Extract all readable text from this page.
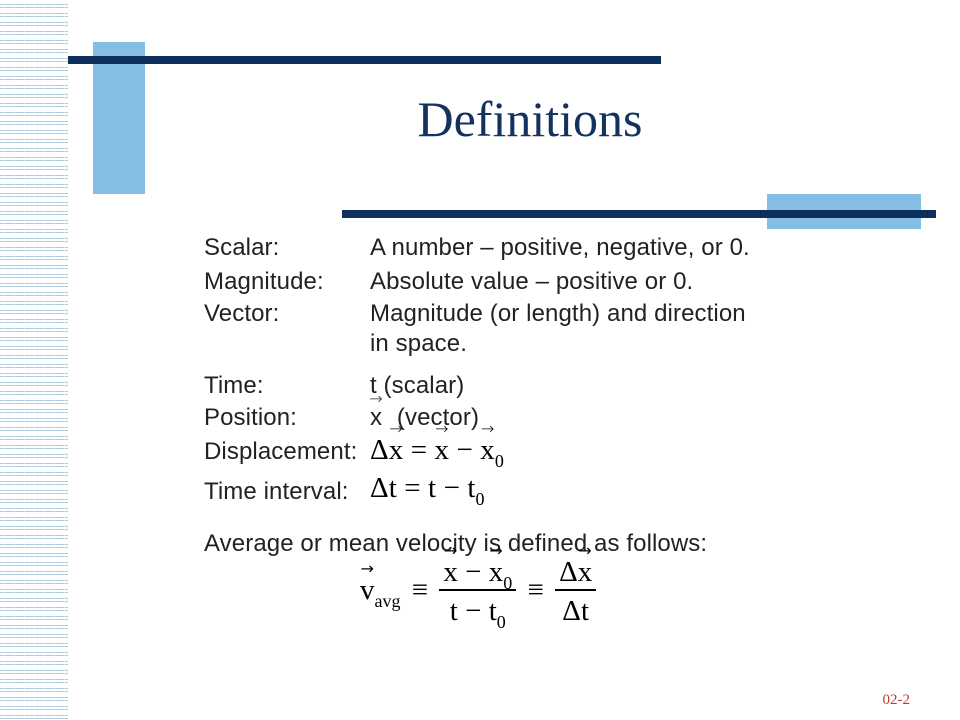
Definitions
Scalar:	A number – positive, negative, or 0.
Magnitude: Absolute value – positive or 0.
Vector:	Magnitude (or length) and direction
in space.
Time:	t (scalar)
Position:	→ x (vector)
Displacement: Δ→ x = → x − → $x_0$
Time interval: $\Delta t = t - t_0$
Average or mean velocity is defined as follows:
→ $v_{avg}$ ≡ → $\frac{x - \to x_0}{t - t_0} \equiv \frac{\Delta\to x}{\Delta t}$
02-2
